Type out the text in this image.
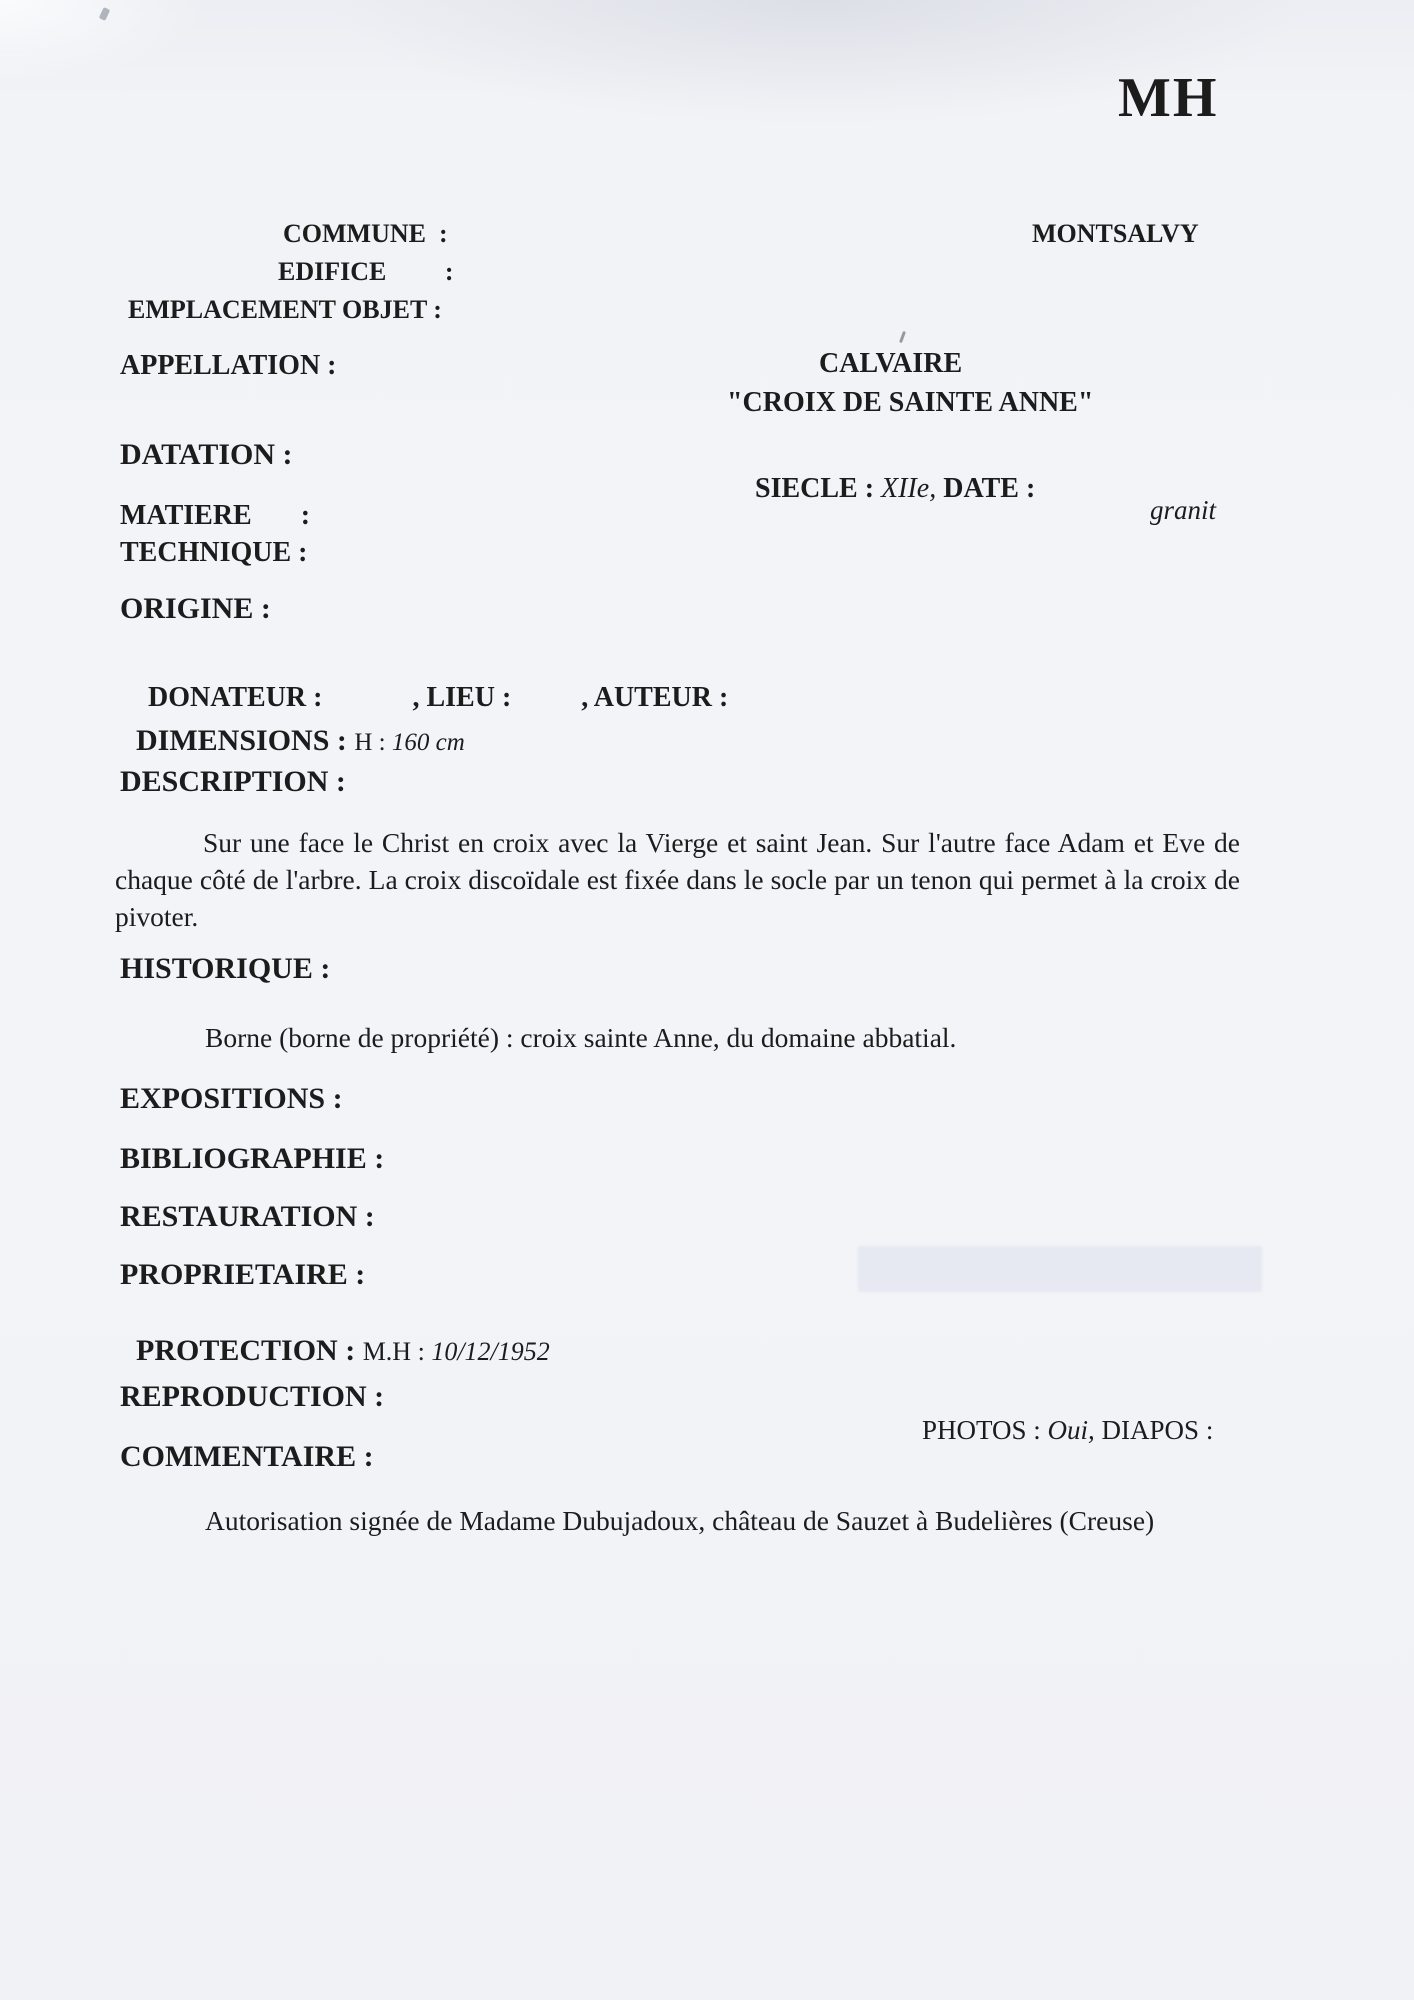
MH
COMMUNE  :	MONTSALVY
EDIFICE         :
EMPLACEMENT OBJET :
APPELLATION :	CALVAIRE
"CROIX DE SAINTE ANNE"
DATATION :

SIECLE : XIIe, DATE :

MATIERE       :	granit
TECHNIQUE :
ORIGINE :

DONATEUR :	, LIEU :	, AUTEUR :

DIMENSIONS : H : 160 cm

DESCRIPTION :
Sur une face le Christ en croix avec la Vierge et saint Jean. Sur l'autre face Adam et Eve de chaque côté de l'arbre. La croix discoïdale est fixée dans le socle par un tenon qui permet à la croix de pivoter.
HISTORIQUE :
Borne (borne de propriété) : croix sainte Anne, du domaine abbatial.
EXPOSITIONS :
BIBLIOGRAPHIE :
RESTAURATION :
PROPRIETAIRE :

PROTECTION : M.H : 10/12/1952

REPRODUCTION :

PHOTOS : Oui, DIAPOS :

COMMENTAIRE :
Autorisation signée de Madame Dubujadoux, château de Sauzet à Budelières (Creuse)
